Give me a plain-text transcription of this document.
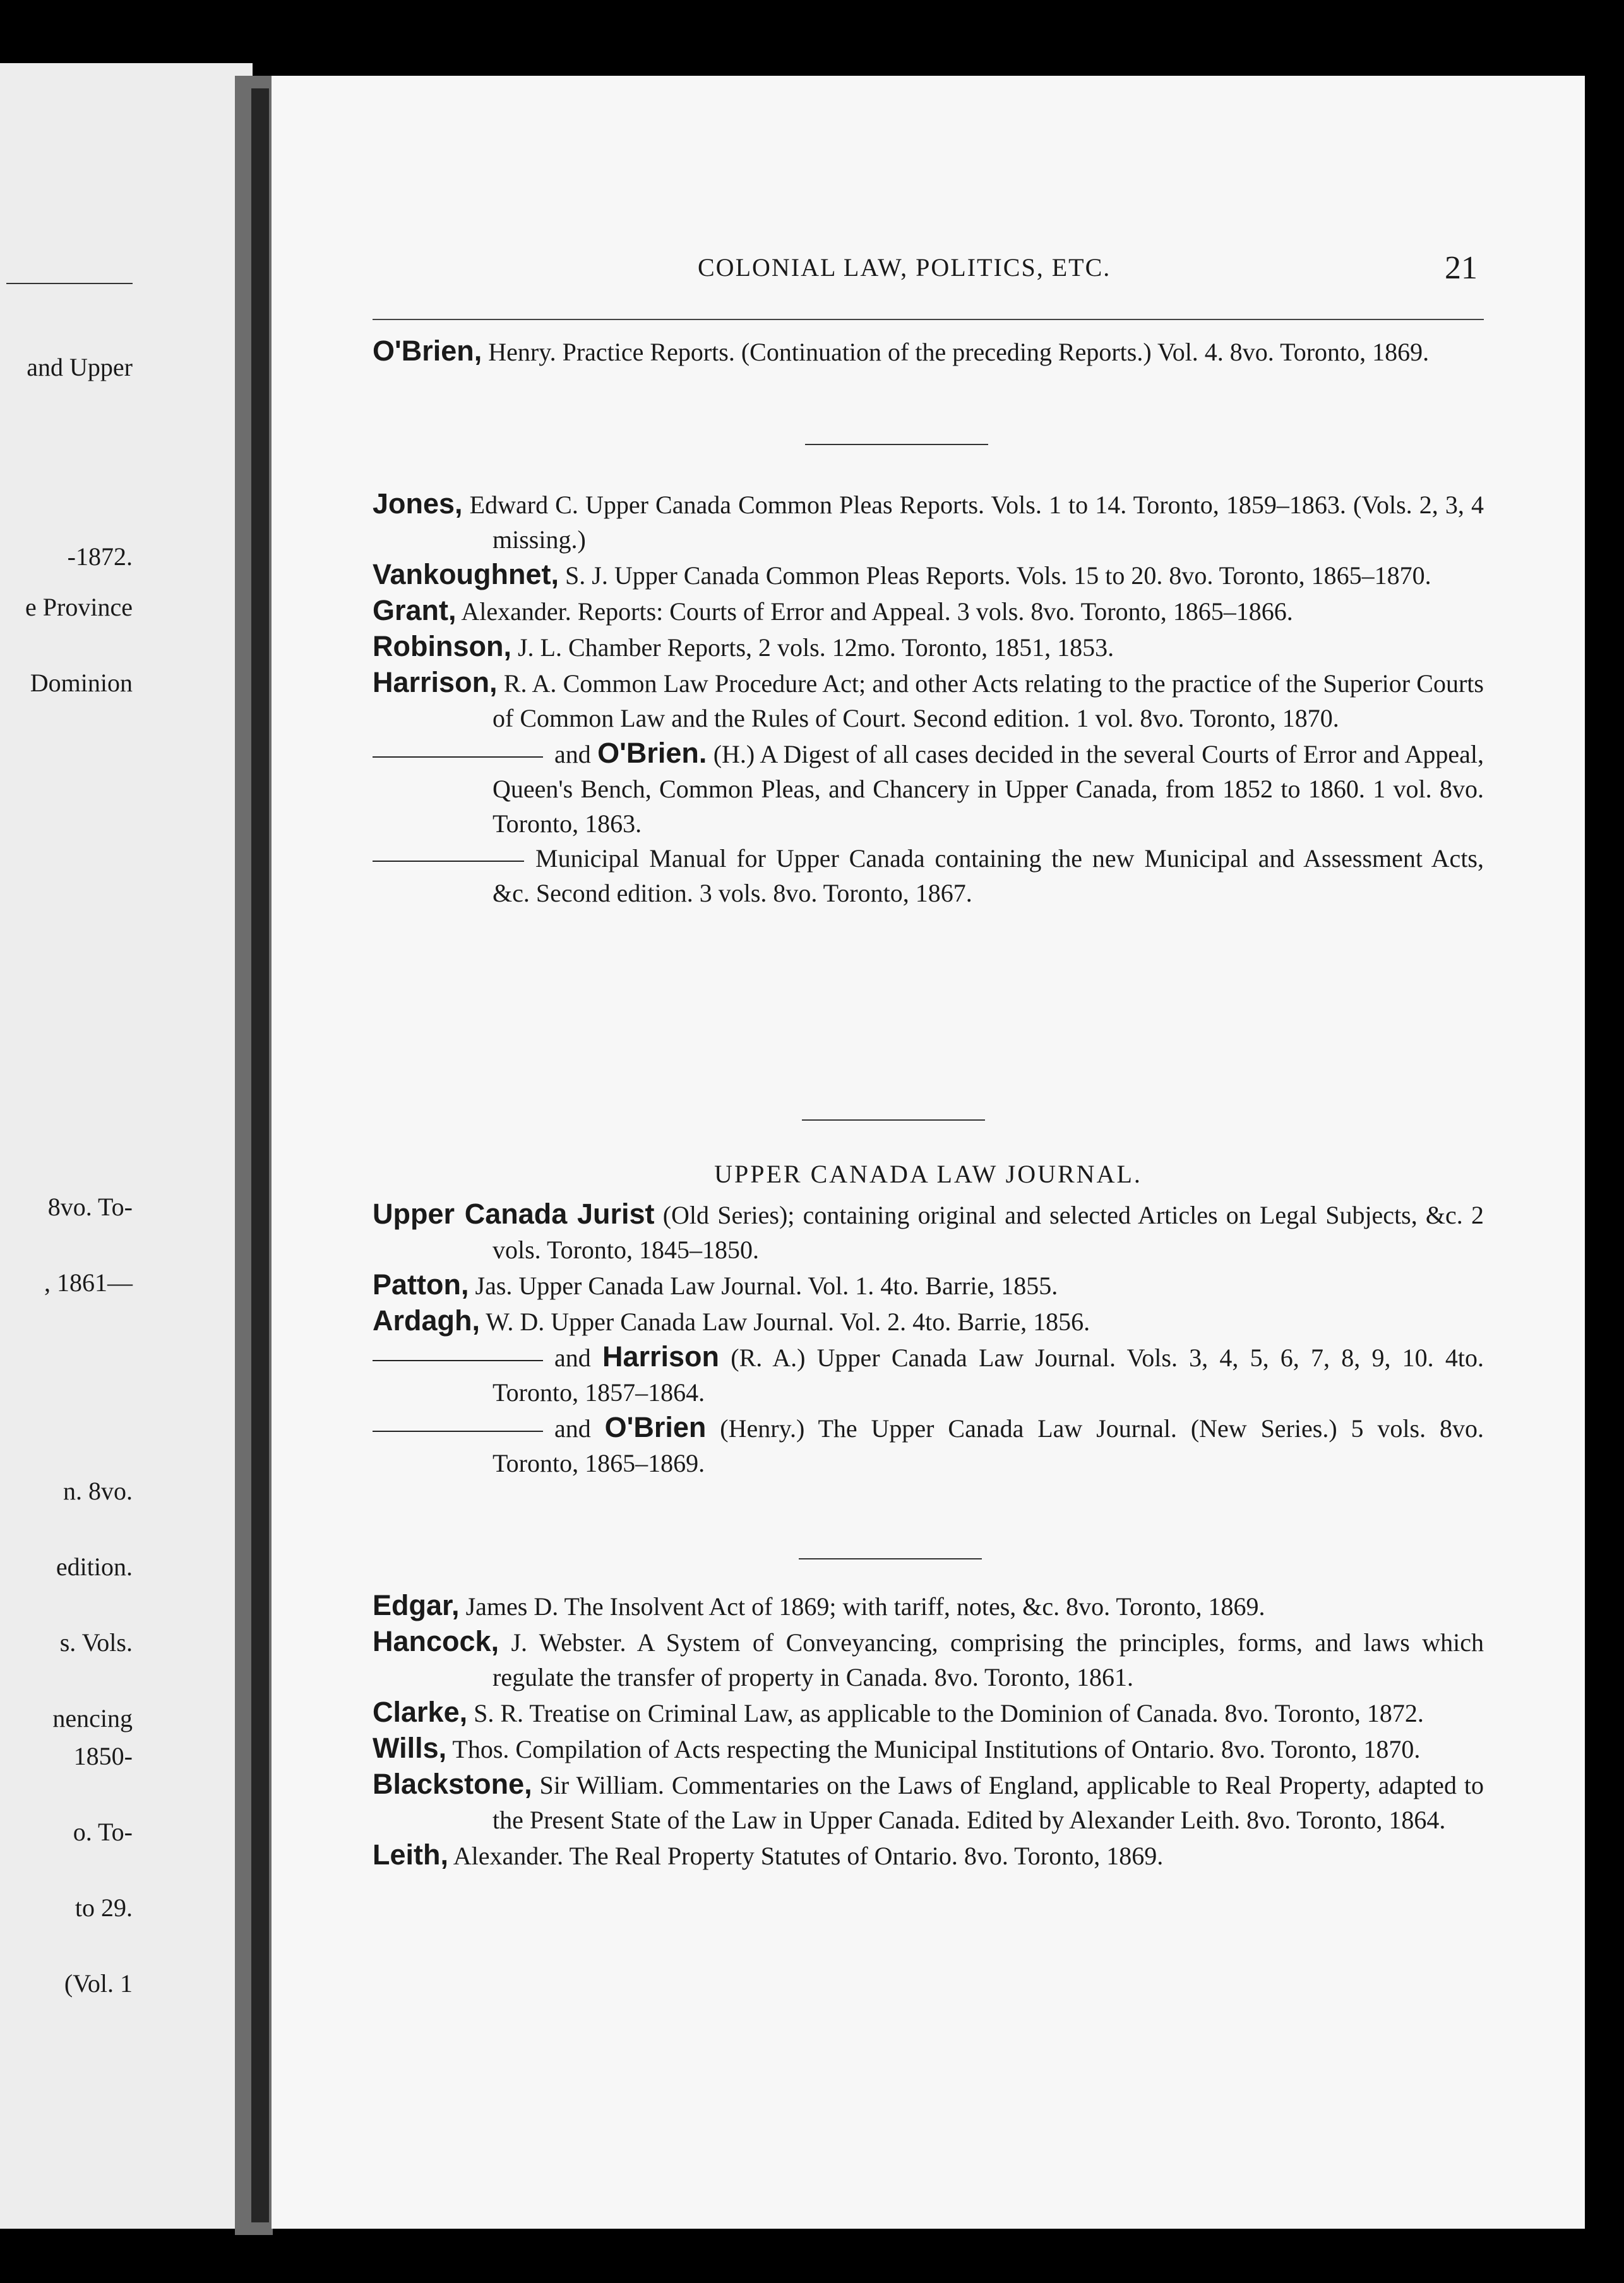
and Upper
-1872.
e Province
Dominion
8vo. To-
, 1861—
n. 8vo.
edition.
s. Vols.
nencing
1850-
o. To-
to 29.
(Vol. 1
COLONIAL LAW, POLITICS, ETC.	21

O'Brien, Henry. Practice Reports. (Continuation of the preceding Reports.) Vol. 4. 8vo. Toronto, 1869.

Jones, Edward C. Upper Canada Common Pleas Reports. Vols. 1 to 14. Toronto, 1859–1863. (Vols. 2, 3, 4 missing.)

Vankoughnet, S. J. Upper Canada Common Pleas Reports. Vols. 15 to 20. 8vo. Toronto, 1865–1870.

Grant, Alexander. Reports: Courts of Error and Appeal. 3 vols. 8vo. Toronto, 1865–1866.

Robinson, J. L. Chamber Reports, 2 vols. 12mo. Toronto, 1851, 1853.

Harrison, R. A. Common Law Procedure Act; and other Acts relating to the practice of the Superior Courts of Common Law and the Rules of Court. Second edition. 1 vol. 8vo. Toronto, 1870.

and O'Brien. (H.) A Digest of all cases decided in the several Courts of Error and Appeal, Queen's Bench, Common Pleas, and Chancery in Upper Canada, from 1852 to 1860. 1 vol. 8vo. Toronto, 1863.

Municipal Manual for Upper Canada containing the new Municipal and Assessment Acts, &c. Second edition. 3 vols. 8vo. Toronto, 1867.

UPPER CANADA LAW JOURNAL.

Upper Canada Jurist (Old Series); containing original and selected Articles on Legal Subjects, &c. 2 vols. Toronto, 1845–1850.

Patton, Jas. Upper Canada Law Journal. Vol. 1. 4to. Barrie, 1855.

Ardagh, W. D. Upper Canada Law Journal. Vol. 2. 4to. Barrie, 1856.

and Harrison (R. A.) Upper Canada Law Journal. Vols. 3, 4, 5, 6, 7, 8, 9, 10. 4to. Toronto, 1857–1864.

and O'Brien (Henry.) The Upper Canada Law Journal. (New Series.) 5 vols. 8vo. Toronto, 1865–1869.

Edgar, James D. The Insolvent Act of 1869; with tariff, notes, &c. 8vo. Toronto, 1869.

Hancock, J. Webster. A System of Conveyancing, comprising the principles, forms, and laws which regulate the transfer of property in Canada. 8vo. Toronto, 1861.

Clarke, S. R. Treatise on Criminal Law, as applicable to the Dominion of Canada. 8vo. Toronto, 1872.

Wills, Thos. Compilation of Acts respecting the Municipal Institutions of Ontario. 8vo. Toronto, 1870.

Blackstone, Sir William. Commentaries on the Laws of England, applicable to Real Property, adapted to the Present State of the Law in Upper Canada. Edited by Alexander Leith. 8vo. Toronto, 1864.

Leith, Alexander. The Real Property Statutes of Ontario. 8vo. Toronto, 1869.
